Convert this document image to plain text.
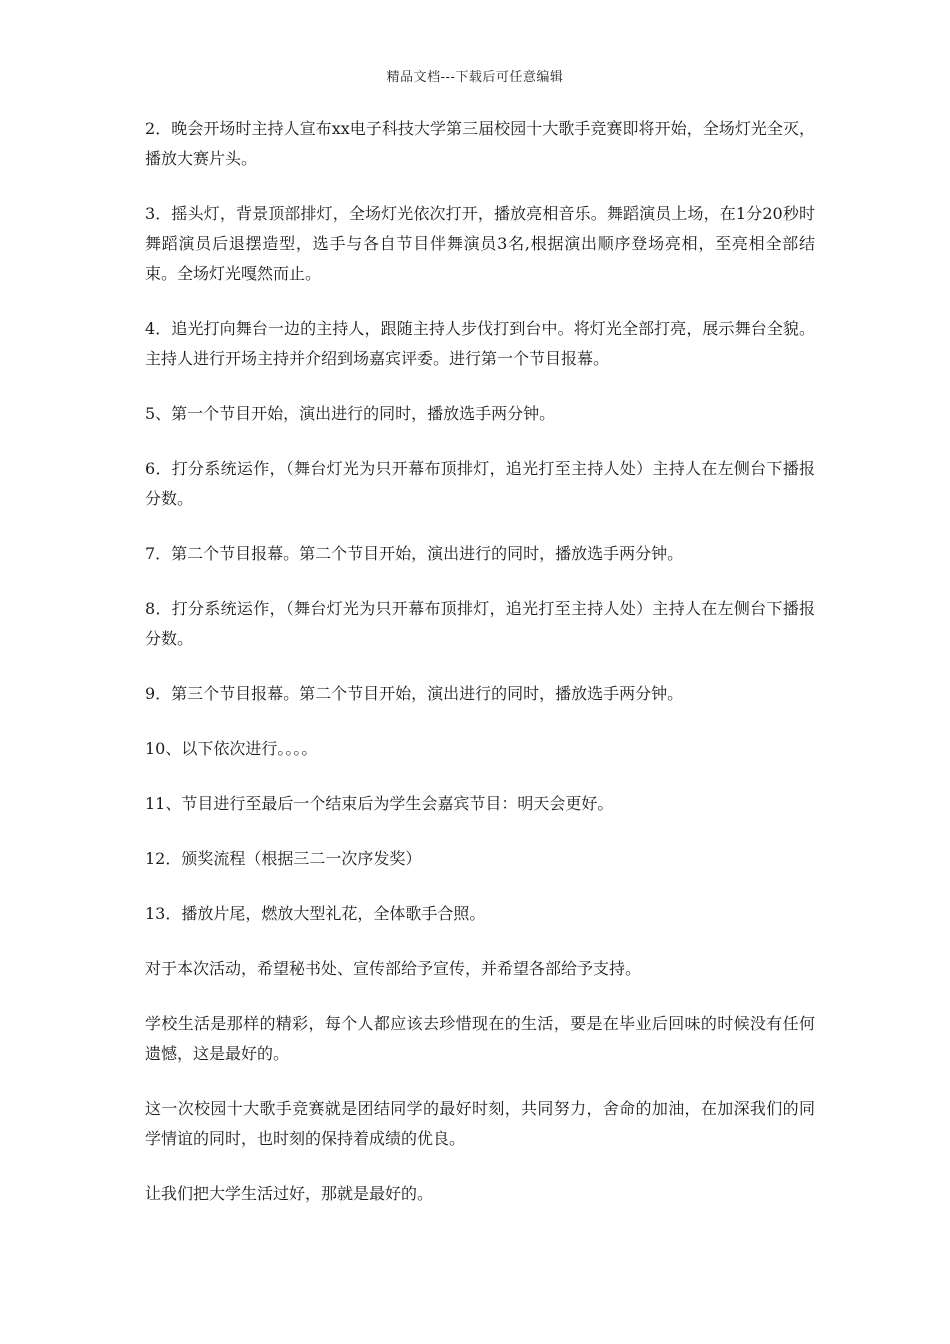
精品文档---下载后可任意编辑

2．晚会开场时主持人宣布xx电子科技大学第三届校园十大歌手竞赛即将开始，全场灯光全灭，播放大赛片头。

3．摇头灯，背景顶部排灯，全场灯光依次打开，播放亮相音乐。舞蹈演员上场，在1分20秒时舞蹈演员后退摆造型，选手与各自节目伴舞演员3名,根据演出顺序登场亮相，至亮相全部结束。全场灯光嘎然而止。

4．追光打向舞台一边的主持人，跟随主持人步伐打到台中。将灯光全部打亮，展示舞台全貌。主持人进行开场主持并介绍到场嘉宾评委。进行第一个节目报幕。

5、第一个节目开始，演出进行的同时，播放选手两分钟。

6．打分系统运作，（舞台灯光为只开幕布顶排灯，追光打至主持人处）主持人在左侧台下播报分数。

7．第二个节目报幕。第二个节目开始，演出进行的同时，播放选手两分钟。

8．打分系统运作，（舞台灯光为只开幕布顶排灯，追光打至主持人处）主持人在左侧台下播报分数。

9．第三个节目报幕。第二个节目开始，演出进行的同时，播放选手两分钟。

10、以下依次进行。。。。

11、节目进行至最后一个结束后为学生会嘉宾节目：明天会更好。

12．颁奖流程（根据三二一次序发奖）

13．播放片尾，燃放大型礼花，全体歌手合照。

对于本次活动，希望秘书处、宣传部给予宣传，并希望各部给予支持。

学校生活是那样的精彩，每个人都应该去珍惜现在的生活，要是在毕业后回味的时候没有任何遗憾，这是最好的。

这一次校园十大歌手竞赛就是团结同学的最好时刻，共同努力，舍命的加油，在加深我们的同学情谊的同时，也时刻的保持着成绩的优良。

让我们把大学生活过好，那就是最好的。
